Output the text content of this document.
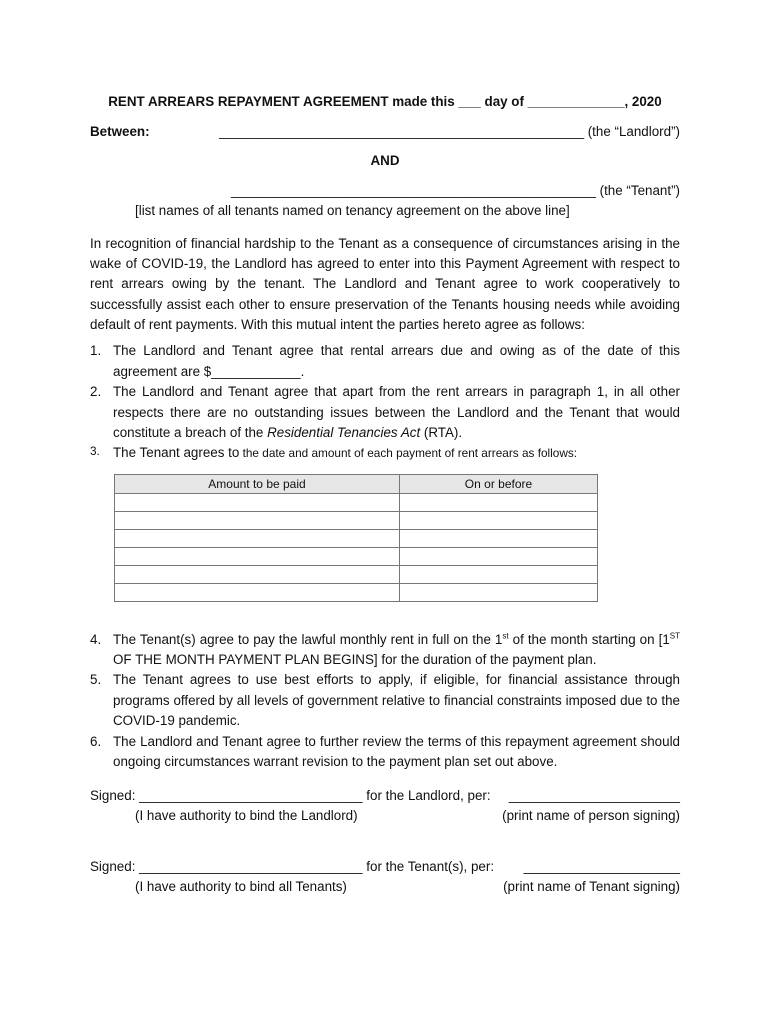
RENT ARREARS REPAYMENT AGREEMENT made this ___ day of _____________, 2020

Between:	_________________________________________________ (the “Landlord”)
AND
_________________________________________________ (the “Tenant”)
[list names of all tenants named on tenancy agreement on the above line]

In recognition of financial hardship to the Tenant as a consequence of circumstances arising in the wake of COVID-19, the Landlord has agreed to enter into this Payment Agreement with respect to rent arrears owing by the tenant. The Landlord and Tenant agree to work cooperatively to successfully assist each other to ensure preservation of the Tenants housing needs while avoiding default of rent payments. With this mutual intent the parties hereto agree as follows:

1. The Landlord and Tenant agree that rental arrears due and owing as of the date of this agreement are $____________.
2. The Landlord and Tenant agree that apart from the rent arrears in paragraph 1, in all other respects there are no outstanding issues between the Landlord and the Tenant that would constitute a breach of the Residential Tenancies Act (RTA).
3. The Tenant agrees to the date and amount of each payment of rent arrears as follows:
Amount to be paid	On or before

4. The Tenant(s) agree to pay the lawful monthly rent in full on the 1st of the month starting on [1ST OF THE MONTH PAYMENT PLAN BEGINS] for the duration of the payment plan.
5. The Tenant agrees to use best efforts to apply, if eligible, for financial assistance through programs offered by all levels of government relative to financial constraints imposed due to the COVID-19 pandemic.
6. The Landlord and Tenant agree to further review the terms of this repayment agreement should ongoing circumstances warrant revision to the payment plan set out above.
Signed: ______________________________ for the Landlord, per: _______________________
(I have authority to bind the Landlord)	(print name of person signing)
Signed: ______________________________ for the Tenant(s), per: _____________________
(I have authority to bind all Tenants)	(print name of Tenant signing)
